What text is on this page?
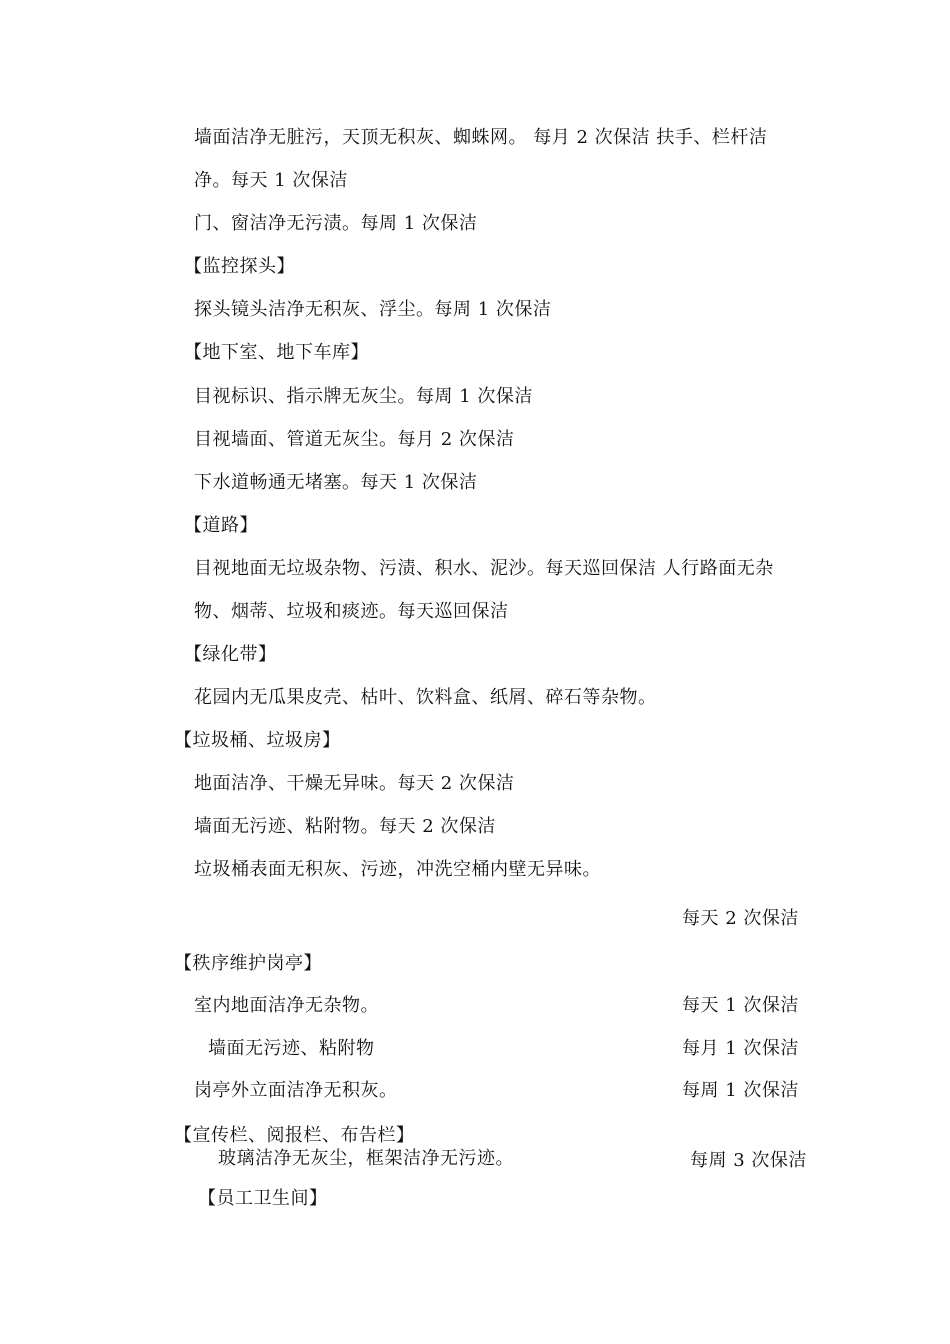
墙面洁净无脏污，天顶无积灰、蜘蛛网。 每月 2 次保洁 扶手、栏杆洁
净。每天 1 次保洁
门、窗洁净无污渍。每周 1 次保洁
【监控探头】
探头镜头洁净无积灰、浮尘。每周 1 次保洁
【地下室、地下车库】
目视标识、指示牌无灰尘。每周 1 次保洁
目视墙面、管道无灰尘。每月 2 次保洁
下水道畅通无堵塞。每天 1 次保洁
【道路】
目视地面无垃圾杂物、污渍、积水、泥沙。每天巡回保洁 人行路面无杂
物、烟蒂、垃圾和痰迹。每天巡回保洁
【绿化带】
花园内无瓜果皮壳、枯叶、饮料盒、纸屑、碎石等杂物。
【垃圾桶、垃圾房】
地面洁净、干燥无异味。每天 2 次保洁
墙面无污迹、粘附物。每天 2 次保洁
垃圾桶表面无积灰、污迹，冲洗空桶内壁无异味。
每天 2 次保洁
【秩序维护岗亭】
室内地面洁净无杂物。	每天 1 次保洁
墙面无污迹、粘附物	每月 1 次保洁
岗亭外立面洁净无积灰。	每周 1 次保洁
【宣传栏、阅报栏、布告栏】
玻璃洁净无灰尘，框架洁净无污迹。	每周 3 次保洁
【员工卫生间】
